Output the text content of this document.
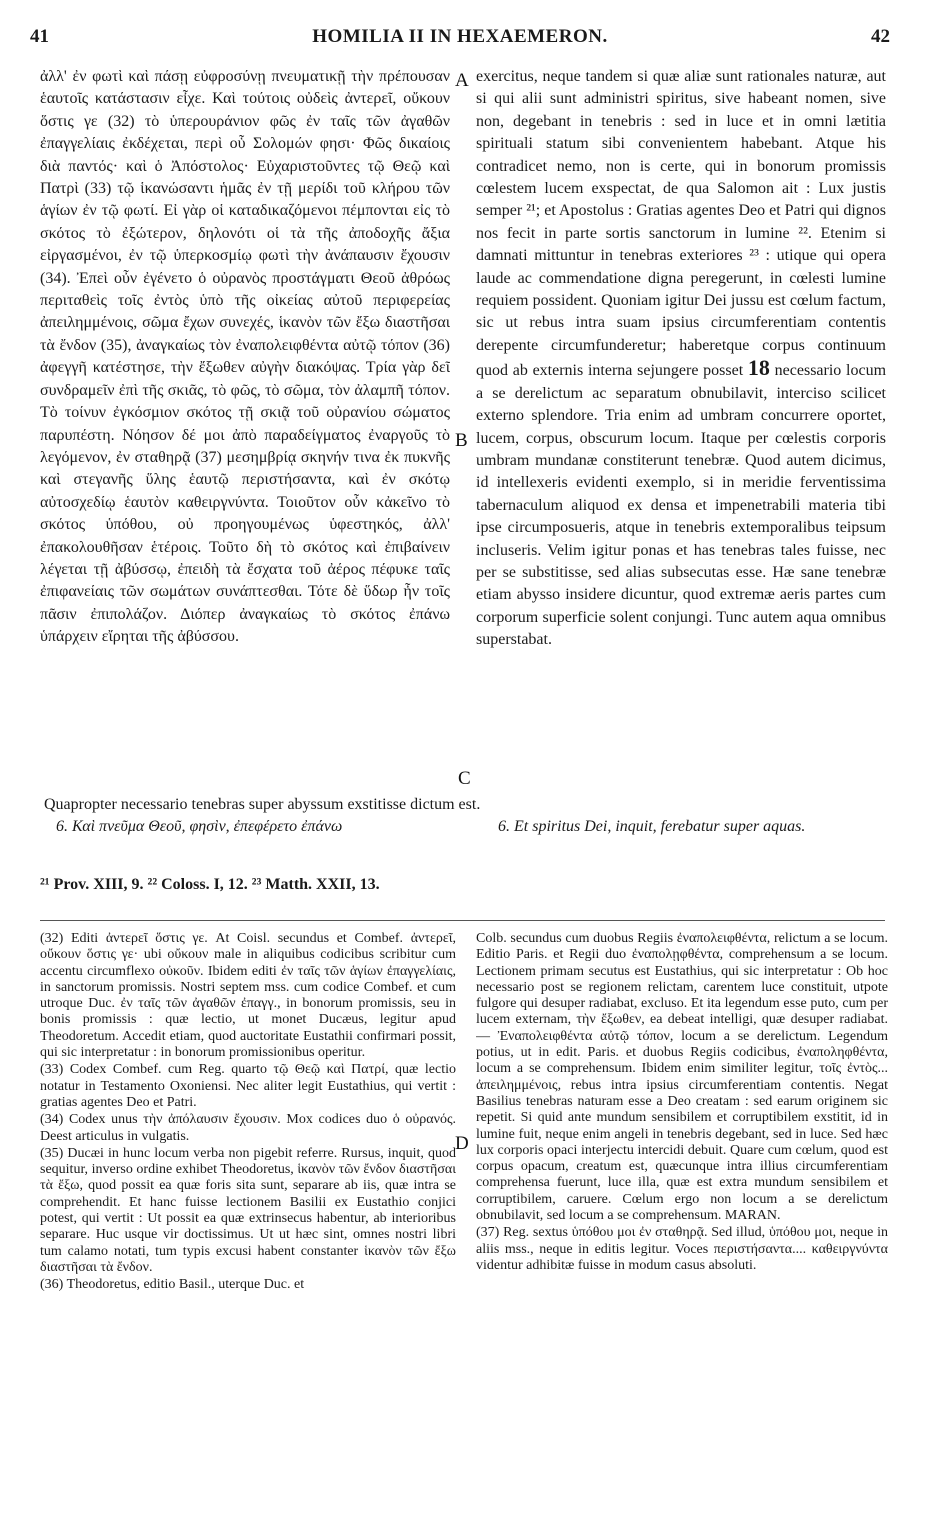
41	HOMILIA II IN HEXAEMERON.	42

ἀλλ' ἐν φωτὶ καὶ πάσῃ εὐφροσύνῃ πνευματικῇ τὴν πρέπουσαν ἑαυτοῖς κατάστασιν εἶχε. Καὶ τούτοις οὐδεὶς ἀντερεῖ, οὔκουν ὅστις γε (32) τὸ ὑπερουράνιον φῶς ἐν ταῖς τῶν ἀγαθῶν ἐπαγγελίαις ἐκδέχεται, περὶ οὗ Σολομών φησι· Φῶς δικαίοις διὰ παντός· καὶ ὁ Ἀπόστολος· Εὐχαριστοῦντες τῷ Θεῷ καὶ Πατρὶ (33) τῷ ἱκανώσαντι ἡμᾶς ἐν τῇ μερίδι τοῦ κλήρου τῶν ἁγίων ἐν τῷ φωτί. Εἰ γὰρ οἱ καταδικαζόμενοι πέμπονται εἰς τὸ σκότος τὸ ἐξώτερον, δηλονότι οἱ τὰ τῆς ἀποδοχῆς ἄξια εἰργασμένοι, ἐν τῷ ὑπερκοσμίῳ φωτὶ τὴν ἀνάπαυσιν ἔχουσιν (34). Ἐπεὶ οὖν ἐγένετο ὁ οὐρανὸς προστάγματι Θεοῦ ἀθρόως περιταθεὶς τοῖς ἐντὸς ὑπὸ τῆς οἰκείας αὐτοῦ περιφερείας ἀπειλημμένοις, σῶμα ἔχων συνεχές, ἱκανὸν τῶν ἔξω διαστῆσαι τὰ ἔνδον (35), ἀναγκαίως τὸν ἐναπολειφθέντα αὐτῷ τόπον (36) ἀφεγγῆ κατέστησε, τὴν ἔξωθεν αὐγὴν διακόψας. Τρία γὰρ δεῖ συνδραμεῖν ἐπὶ τῆς σκιᾶς, τὸ φῶς, τὸ σῶμα, τὸν ἀλαμπῆ τόπον. Τὸ τοίνυν ἐγκόσμιον σκότος τῇ σκιᾷ τοῦ οὐρανίου σώματος παρυπέστη. Νόησον δέ μοι ἀπὸ παραδείγματος ἐναργοῦς τὸ λεγόμενον, ἐν σταθηρᾷ (37) μεσημβρίᾳ σκηνήν τινα ἐκ πυκνῆς καὶ στεγανῆς ὕλης ἑαυτῷ περιστήσαντα, καὶ ἐν σκότῳ αὐτοσχεδίῳ ἑαυτὸν καθειργνύντα. Τοιοῦτον οὖν κἀκεῖνο τὸ σκότος ὑπόθου, οὐ προηγουμένως ὑφεστηκός, ἀλλ' ἐπακολουθῆσαν ἑτέροις. Τοῦτο δὴ τὸ σκότος καὶ ἐπιβαίνειν λέγεται τῇ ἀβύσσῳ, ἐπειδὴ τὰ ἔσχατα τοῦ ἀέρος πέφυκε ταῖς ἐπιφανείαις τῶν σωμάτων συνάπτεσθαι. Τότε δὲ ὕδωρ ἦν τοῖς πᾶσιν ἐπιπολάζον. Διόπερ ἀναγκαίως τὸ σκότος ἐπάνω ὑπάρχειν εἴρηται τῆς ἀβύσσου.

exercitus, neque tandem si quæ aliæ sunt rationales naturæ, aut si qui alii sunt administri spiritus, sive habeant nomen, sive non, degebant in tenebris : sed in luce et in omni lætitia spirituali statum sibi convenientem habebant. Atque his contradicet nemo, non is certe, qui in bonorum promissis cœlestem lucem exspectat, de qua Salomon ait : Lux justis semper ²¹; et Apostolus : Gratias agentes Deo et Patri qui dignos nos fecit in parte sortis sanctorum in lumine ²². Etenim si damnati mittuntur in tenebras exteriores ²³ : utique qui opera laude ac commendatione digna peregerunt, in cœlesti lumine requiem possident. Quoniam igitur Dei jussu est cœlum factum, sic ut rebus intra suam ipsius circumferentiam contentis derepente circumfunderetur; haberetque corpus continuum quod ab externis interna sejungere posset 18 necessario locum a se derelictum ac separatum obnubilavit, interciso scilicet externo splendore. Tria enim ad umbram concurrere oportet, lucem, corpus, obscurum locum. Itaque per cœlestis corporis umbram mundanæ constiterunt tenebræ. Quod autem dicimus, id intellexeris evidenti exemplo, si in meridie ferventissima tabernaculum aliquod ex densa et impenetrabili materia tibi ipse circumposueris, atque in tenebris extemporalibus teipsum incluseris. Velim igitur ponas et has tenebras tales fuisse, nec per se substitisse, sed alias subsecutas esse. Hæ sane tenebræ etiam abysso insidere dicuntur, quod extremæ aeris partes cum corporum superficie solent conjungi. Tunc autem aqua omnibus superstabat.

A
B
C
D
Quapropter necessario tenebras super abyssum exstitisse dictum est.
6. Καὶ πνεῦμα Θεοῦ, φησὶν, ἐπεφέρετο ἐπάνω	6. Et spiritus Dei, inquit, ferebatur super aquas.
²¹ Prov. XIII, 9. ²² Coloss. I, 12. ²³ Matth. XXII, 13.

(32) Editi ἀντερεῖ ὅστις γε. At Coisl. secundus et Combef. ἀντερεῖ, οὔκουν ὅστις γε· ubi οὔκουν male in aliquibus codicibus scribitur cum accentu circumflexo οὐκοῦν. Ibidem editi ἐν ταῖς τῶν ἁγίων ἐπαγγελίαις, in sanctorum promissis. Nostri septem mss. cum codice Combef. et cum utroque Duc. ἐν ταῖς τῶν ἀγαθῶν ἐπαγγ., in bonorum promissis, seu in bonis promissis : quæ lectio, ut monet Ducæus, legitur apud Theodoretum. Accedit etiam, quod auctoritate Eustathii confirmari possit, qui sic interpretatur : in bonorum promissionibus operitur.

(33) Codex Combef. cum Reg. quarto τῷ Θεῷ καὶ Πατρί, quæ lectio notatur in Testamento Oxoniensi. Nec aliter legit Eustathius, qui vertit : gratias agentes Deo et Patri.

(34) Codex unus τὴν ἀπόλαυσιν ἔχουσιν. Mox codices duo ὁ οὐρανός. Deest articulus in vulgatis.

(35) Ducæi in hunc locum verba non pigebit referre. Rursus, inquit, quod sequitur, inverso ordine exhibet Theodoretus, ἱκανὸν τῶν ἔνδον διαστῆσαι τὰ ἔξω, quod possit ea quæ foris sita sunt, separare ab iis, quæ intra se comprehendit. Et hanc fuisse lectionem Basilii ex Eustathio conjici potest, qui vertit : Ut possit ea quæ extrinsecus habentur, ab interioribus separare. Huc usque vir doctissimus. Ut ut hæc sint, omnes nostri libri tum calamo notati, tum typis excusi habent constanter ἱκανὸν τῶν ἔξω διαστῆσαι τὰ ἔνδον.

(36) Theodoretus, editio Basil., uterque Duc. et

Colb. secundus cum duobus Regiis ἐναπολειφθέντα, relictum a se locum. Editio Paris. et Regii duo ἐναπολῃφθέντα, comprehensum a se locum. Lectionem primam secutus est Eustathius, qui sic interpretatur : Ob hoc necessario post se regionem relictam, carentem luce constituit, utpote fulgore qui desuper radiabat, excluso. Et ita legendum esse puto, cum per lucem externam, τὴν ἔξωθεν, ea debeat intelligi, quæ desuper radiabat. — Ἐναπολειφθέντα αὐτῷ τόπον, locum a se derelictum. Legendum potius, ut in edit. Paris. et duobus Regiis codicibus, ἐναποληφθέντα, locum a se comprehensum. Ibidem enim similiter legitur, τοῖς ἐντὸς... ἀπειλημμένοις, rebus intra ipsius circumferentiam contentis. Negat Basilius tenebras naturam esse a Deo creatam : sed earum originem sic repetit. Si quid ante mundum sensibilem et corruptibilem exstitit, id in lumine fuit, neque enim angeli in tenebris degebant, sed in luce. Sed hæc lux corporis opaci interjectu intercidi debuit. Quare cum cœlum, quod est corpus opacum, creatum est, quæcunque intra illius circumferentiam comprehensa fuerunt, luce illa, quæ est extra mundum sensibilem et corruptibilem, caruere. Cœlum ergo non locum a se derelictum obnubilavit, sed locum a se comprehensum. MARAN.

(37) Reg. sextus ὑπόθου μοι ἐν σταθηρᾷ. Sed illud, ὑπόθου μοι, neque in aliis mss., neque in editis legitur. Voces περιστήσαντα.... καθειργνύντα videntur adhibitæ fuisse in modum casus absoluti.
